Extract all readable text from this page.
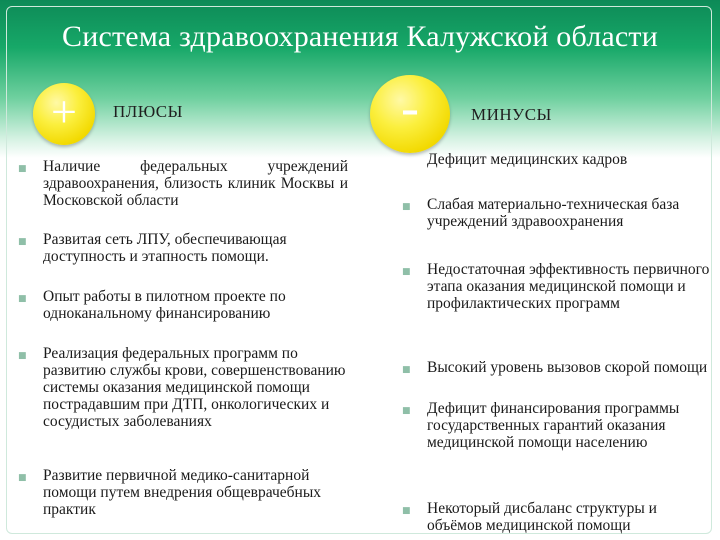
Система здравоохранения Калужской области
+	ПЛЮСЫ	-	МИНУСЫ
■ Наличие федеральных учреждений здравоохранения, близость клиник Москвы и Московской области
■ Развитая сеть ЛПУ, обеспечивающая доступность и этапность помощи.
■ Опыт работы в пилотном проекте по одноканальному финансированию
■ Реализация федеральных программ по развитию службы крови, совершенствованию системы оказания медицинской помощи пострадавшим при ДТП, онкологических и сосудистых заболеваниях
■ Развитие первичной медико-санитарной помощи путем внедрения общеврачебных практик
Дефицит медицинских кадров
■ Слабая материально-техническая база учреждений здравоохранения
■ Недостаточная эффективность первичного этапа оказания медицинской помощи и профилактических программ
■ Высокий уровень вызовов скорой помощи
■ Дефицит финансирования программы государственных гарантий оказания медицинской помощи населению
■ Некоторый дисбаланс структуры и объёмов медицинской помощи
